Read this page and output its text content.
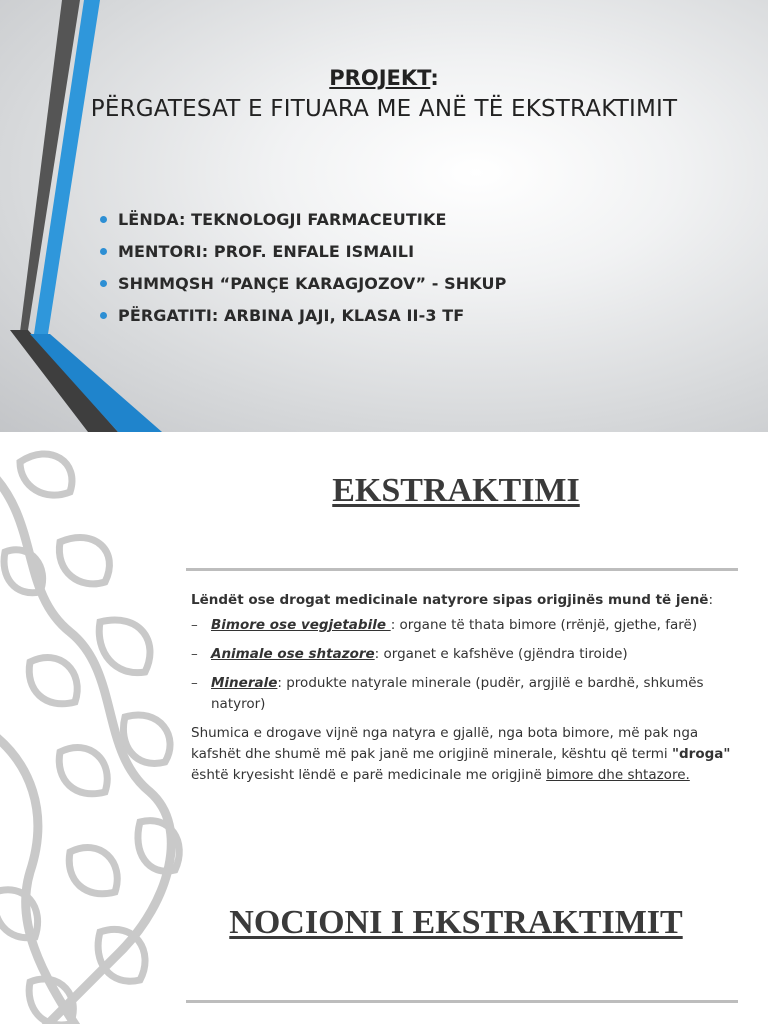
PROJEKT:
PËRGATESAT E FITUARA ME ANË TË EKSTRAKTIMIT
LËNDA: TEKNOLOGJI FARMACEUTIKE
MENTORI: PROF. ENFALE ISMAILI
SHMMQSH “PANÇE KARAGJOZOV” - SHKUP
PËRGATITI: ARBINA JAJI, KLASA II-3 TF
EKSTRAKTIMI

Lëndët ose drogat medicinale natyrore sipas origjinës mund të jenë:

– Bimore ose vegjetabile : organe të thata bimore (rrënjë, gjethe, farë)
– Animale ose shtazore: organet e kafshëve (gjëndra tiroide)
– Minerale: produkte natyrale minerale (pudër, argjilë e bardhë, shkumës natyror)

Shumica e drogave vijnë nga natyra e gjallë, nga bota bimore, më pak nga kafshët dhe shumë më pak janë me origjinë minerale, kështu që termi "droga" është kryesisht lëndë e parë medicinale me origjinë bimore dhe shtazore.

NOCIONI I EKSTRAKTIMIT
